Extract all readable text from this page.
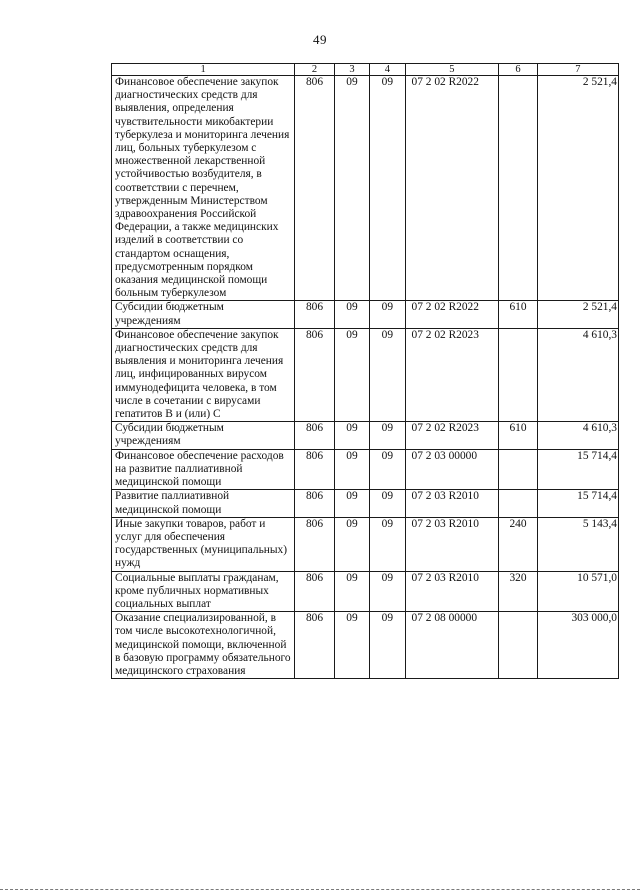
49
1	2	3	4	5	6	7
Финансовое обеспечение закупок диагностических средств для выявления, определения чувствительности микобактерии туберкулеза и мониторинга лечения лиц, больных туберкулезом с множественной лекарственной устойчивостью возбудителя, в соответствии с перечнем, утвержденным Министерством здравоохранения Российской Федерации, а также медицинских изделий в соответствии со стандартом оснащения, предусмотренным порядком оказания медицинской помощи больным туберкулезом	806	09	09	07 2 02 R2022		2 521,4
Субсидии бюджетным учреждениям	806	09	09	07 2 02 R2022	610	2 521,4
Финансовое обеспечение закупок диагностических средств для выявления и мониторинга лечения лиц, инфицированных вирусом иммунодефицита человека, в том числе в сочетании с вирусами гепатитов В и (или) С	806	09	09	07 2 02 R2023		4 610,3
Субсидии бюджетным учреждениям	806	09	09	07 2 02 R2023	610	4 610,3
Финансовое обеспечение расходов на развитие паллиативной медицинской помощи	806	09	09	07 2 03 00000		15 714,4
Развитие паллиативной медицинской помощи	806	09	09	07 2 03 R2010		15 714,4
Иные закупки товаров, работ и услуг для обеспечения государственных (муниципальных) нужд	806	09	09	07 2 03 R2010	240	5 143,4
Социальные выплаты гражданам, кроме публичных нормативных социальных выплат	806	09	09	07 2 03 R2010	320	10 571,0
Оказание специализированной, в том числе высокотехнологичной, медицинской помощи, включенной в базовую программу обязательного медицинского страхования	806	09	09	07 2 08 00000		303 000,0
